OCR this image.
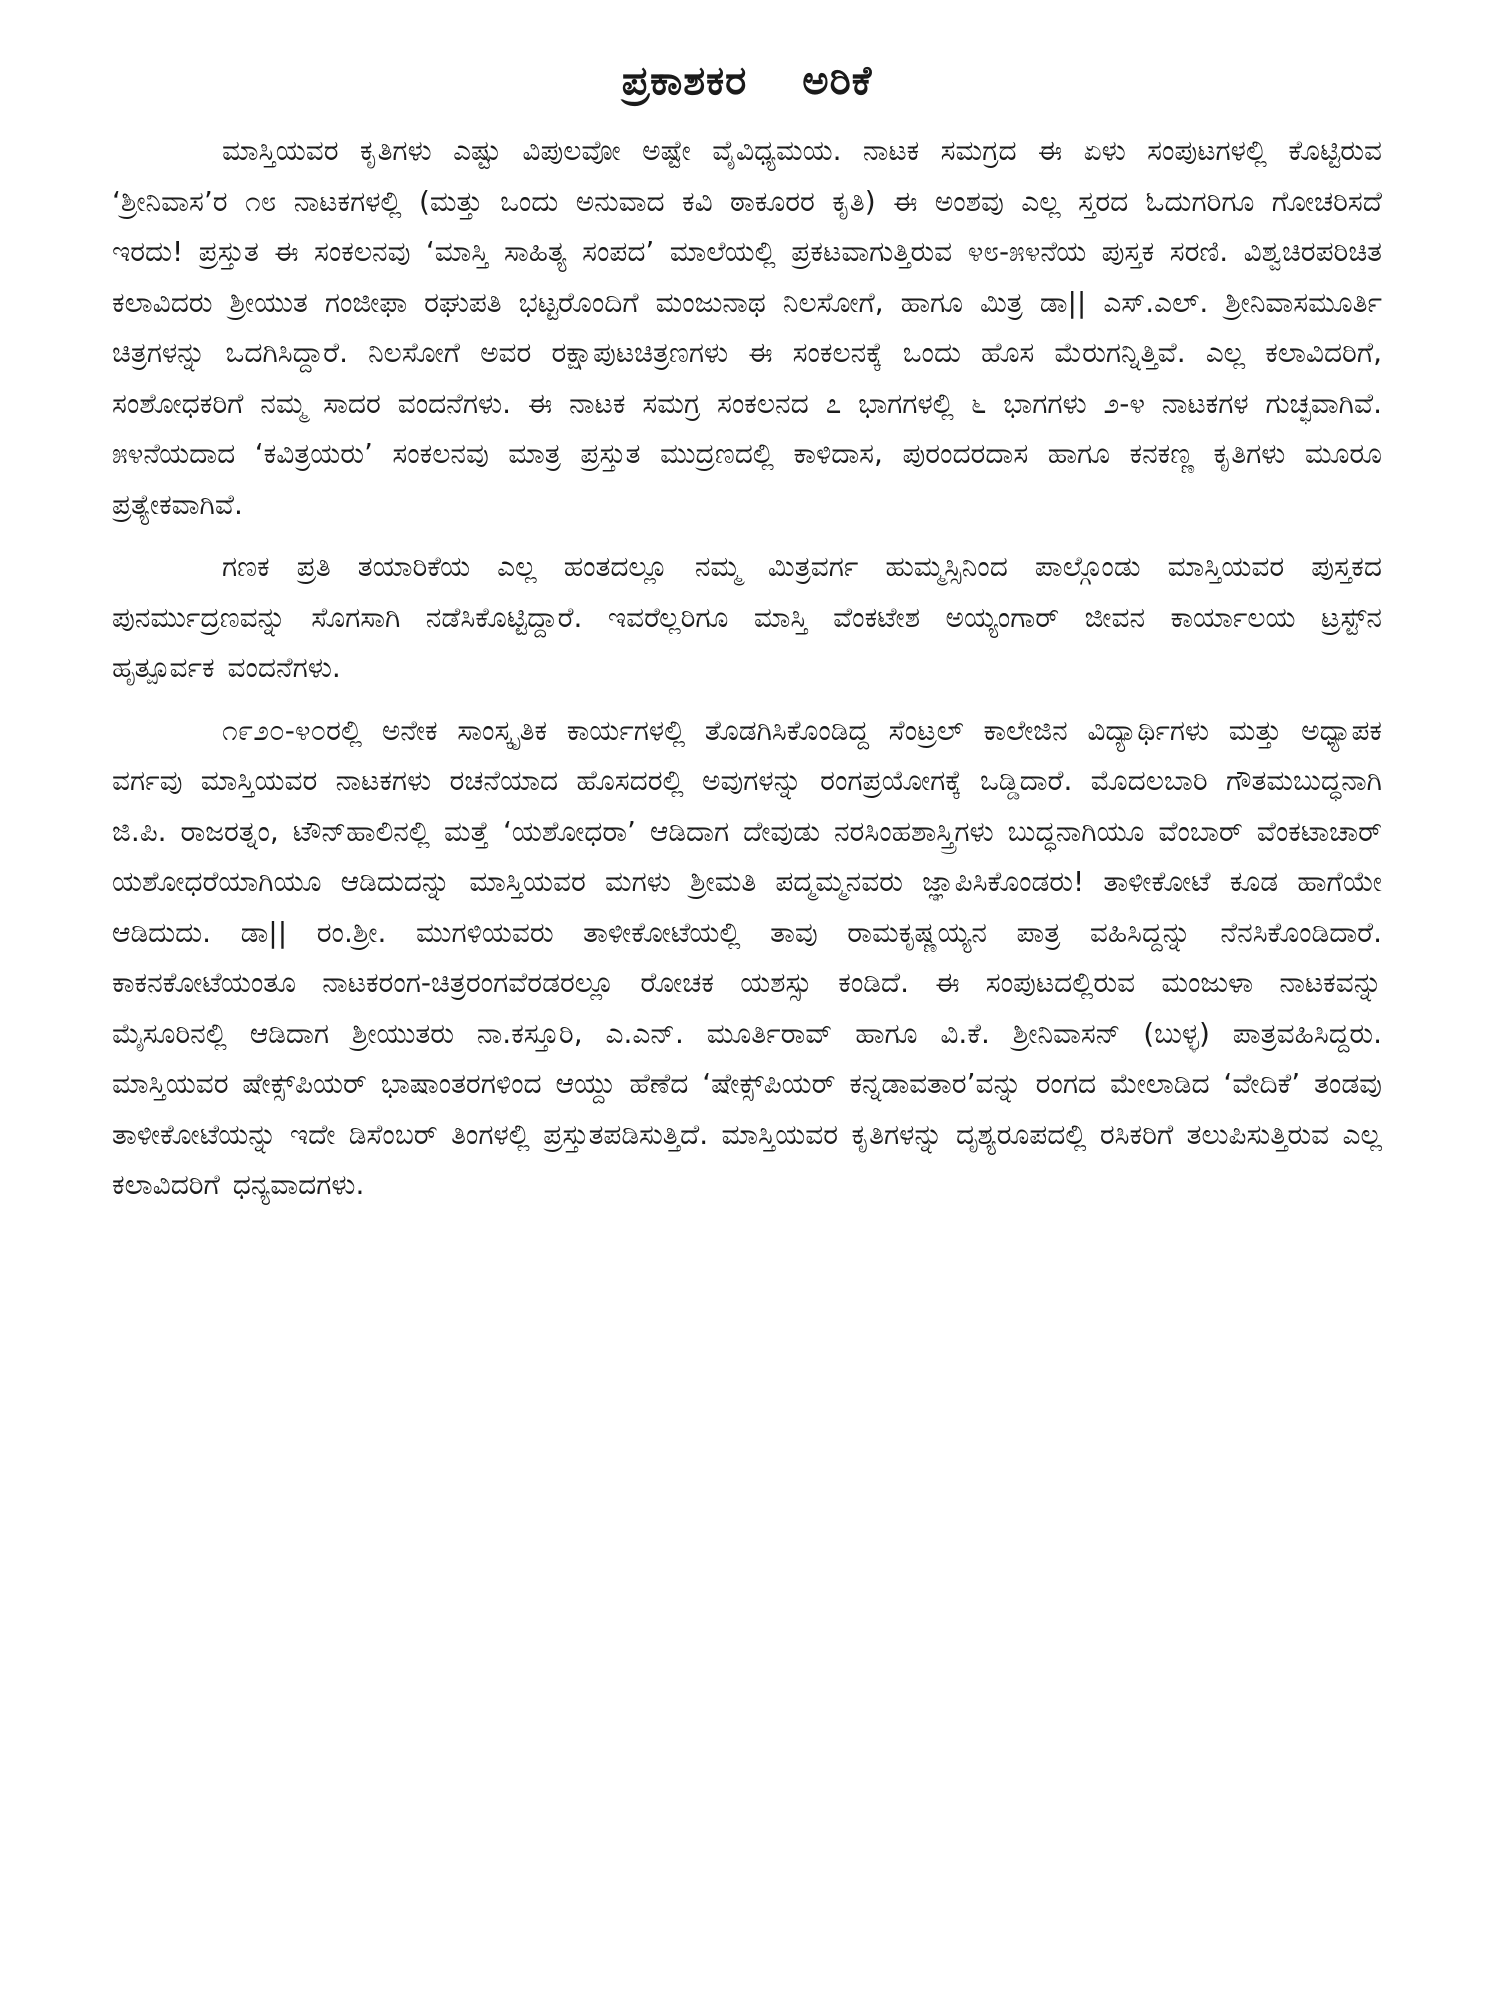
ಪ್ರಕಾಶಕರ ಅರಿಕೆ

ಮಾಸ್ತಿಯವರ ಕೃತಿಗಳು ಎಷ್ಟು ವಿಪುಲವೋ ಅಷ್ಟೇ ವೈವಿಧ್ಯಮಯ. ನಾಟಕ ಸಮಗ್ರದ ಈ ಏಳು ಸಂಪುಟಗಳಲ್ಲಿ ಕೊಟ್ಟಿರುವ ‘ಶ್ರೀನಿವಾಸ’ರ ೧೮ ನಾಟಕಗಳಲ್ಲಿ (ಮತ್ತು ಒಂದು ಅನುವಾದ ಕವಿ ಠಾಕೂರರ ಕೃತಿ) ಈ ಅಂಶವು ಎಲ್ಲ ಸ್ತರದ ಓದುಗರಿಗೂ ಗೋಚರಿಸದೆ ಇರದು! ಪ್ರಸ್ತುತ ಈ ಸಂಕಲನವು ‘ಮಾಸ್ತಿ ಸಾಹಿತ್ಯ ಸಂಪದ’ ಮಾಲೆಯಲ್ಲಿ ಪ್ರಕಟವಾಗುತ್ತಿರುವ ೪೮-೫೪ನೆಯ ಪುಸ್ತಕ ಸರಣಿ. ವಿಶ್ವಚಿರಪರಿಚಿತ ಕಲಾವಿದರು ಶ್ರೀಯುತ ಗಂಜೀಫಾ ರಘುಪತಿ ಭಟ್ಟರೊಂದಿಗೆ ಮಂಜುನಾಥ ನಿಲಸೋಗೆ, ಹಾಗೂ ಮಿತ್ರ ಡಾ|| ಎಸ್.ಎಲ್. ಶ್ರೀನಿವಾಸಮೂರ್ತಿ ಚಿತ್ರಗಳನ್ನು ಒದಗಿಸಿದ್ದಾರೆ. ನಿಲಸೋಗೆ ಅವರ ರಕ್ಷಾಪುಟಚಿತ್ರಣಗಳು ಈ ಸಂಕಲನಕ್ಕೆ ಒಂದು ಹೊಸ ಮೆರುಗನ್ನಿತ್ತಿವೆ. ಎಲ್ಲ ಕಲಾವಿದರಿಗೆ, ಸಂಶೋಧಕರಿಗೆ ನಮ್ಮ ಸಾದರ ವಂದನೆಗಳು. ಈ ನಾಟಕ ಸಮಗ್ರ ಸಂಕಲನದ ೭ ಭಾಗಗಳಲ್ಲಿ ೬ ಭಾಗಗಳು ೨-೪ ನಾಟಕಗಳ ಗುಚ್ಛವಾಗಿವೆ. ೫೪ನೆಯದಾದ ‘ಕವಿತ್ರಯರು’ ಸಂಕಲನವು ಮಾತ್ರ ಪ್ರಸ್ತುತ ಮುದ್ರಣದಲ್ಲಿ ಕಾಳಿದಾಸ, ಪುರಂದರದಾಸ ಹಾಗೂ ಕನಕಣ್ಣ ಕೃತಿಗಳು ಮೂರೂ ಪ್ರತ್ಯೇಕವಾಗಿವೆ.

ಗಣಕ ಪ್ರತಿ ತಯಾರಿಕೆಯ ಎಲ್ಲ ಹಂತದಲ್ಲೂ ನಮ್ಮ ಮಿತ್ರವರ್ಗ ಹುಮ್ಮಸ್ಸಿನಿಂದ ಪಾಲ್ಗೊಂಡು ಮಾಸ್ತಿಯವರ ಪುಸ್ತಕದ ಪುನರ್ಮುದ್ರಣವನ್ನು ಸೊಗಸಾಗಿ ನಡೆಸಿಕೊಟ್ಟಿದ್ದಾರೆ. ಇವರೆಲ್ಲರಿಗೂ ಮಾಸ್ತಿ ವೆಂಕಟೇಶ ಅಯ್ಯಂಗಾರ್ ಜೀವನ ಕಾರ್ಯಾಲಯ ಟ್ರಸ್ಟ್‌ನ ಹೃತ್ಪೂರ್ವಕ ವಂದನೆಗಳು.

೧೯೨೦-೪೦ರಲ್ಲಿ ಅನೇಕ ಸಾಂಸ್ಕೃತಿಕ ಕಾರ್ಯಗಳಲ್ಲಿ ತೊಡಗಿಸಿಕೊಂಡಿದ್ದ ಸೆಂಟ್ರಲ್ ಕಾಲೇಜಿನ ವಿದ್ಯಾರ್ಥಿಗಳು ಮತ್ತು ಅಧ್ಯಾಪಕ ವರ್ಗವು ಮಾಸ್ತಿಯವರ ನಾಟಕಗಳು ರಚನೆಯಾದ ಹೊಸದರಲ್ಲಿ ಅವುಗಳನ್ನು ರಂಗಪ್ರಯೋಗಕ್ಕೆ ಒಡ್ಡಿದಾರೆ. ಮೊದಲಬಾರಿ ಗೌತಮಬುದ್ಧನಾಗಿ ಜಿ.ಪಿ. ರಾಜರತ್ನಂ, ಟೌನ್‌ಹಾಲಿನಲ್ಲಿ ಮತ್ತೆ ‘ಯಶೋಧರಾ’ ಆಡಿದಾಗ ದೇವುಡು ನರಸಿಂಹಶಾಸ್ತ್ರಿಗಳು ಬುದ್ಧನಾಗಿಯೂ ವೆಂಬಾರ್ ವೆಂಕಟಾಚಾರ್ ಯಶೋಧರೆಯಾಗಿಯೂ ಆಡಿದುದನ್ನು ಮಾಸ್ತಿಯವರ ಮಗಳು ಶ್ರೀಮತಿ ಪದ್ಮಮ್ಮನವರು ಜ್ಞಾಪಿಸಿಕೊಂಡರು! ತಾಳೀಕೋಟೆ ಕೂಡ ಹಾಗೆಯೇ ಆಡಿದುದು. ಡಾ|| ರಂ.ಶ್ರೀ. ಮುಗಳಿಯವರು ತಾಳೀಕೋಟೆಯಲ್ಲಿ ತಾವು ರಾಮಕೃಷ್ಣಯ್ಯನ ಪಾತ್ರ ವಹಿಸಿದ್ದನ್ನು ನೆನಸಿಕೊಂಡಿದಾರೆ. ಕಾಕನಕೋಟೆಯಂತೂ ನಾಟಕರಂಗ-ಚಿತ್ರರಂಗವೆರಡರಲ್ಲೂ ರೋಚಕ ಯಶಸ್ಸು ಕಂಡಿದೆ. ಈ ಸಂಪುಟದಲ್ಲಿರುವ ಮಂಜುಳಾ ನಾಟಕವನ್ನು ಮೈಸೂರಿನಲ್ಲಿ ಆಡಿದಾಗ ಶ್ರೀಯುತರು ನಾ.ಕಸ್ತೂರಿ, ಎ.ಎನ್. ಮೂರ್ತಿರಾವ್ ಹಾಗೂ ವಿ.ಕೆ. ಶ್ರೀನಿವಾಸನ್ (ಬುಳ್ಳ) ಪಾತ್ರವಹಿಸಿದ್ದರು. ಮಾಸ್ತಿಯವರ ಷೇಕ್ಸ್‌ಪಿಯರ್ ಭಾಷಾಂತರಗಳಿಂದ ಆಯ್ದು ಹೆಣೆದ ‘ಷೇಕ್ಸ್‌ಪಿಯರ್ ಕನ್ನಡಾವತಾರ’ವನ್ನು ರಂಗದ ಮೇಲಾಡಿದ ‘ವೇದಿಕೆ’ ತಂಡವು ತಾಳೀಕೋಟೆಯನ್ನು ಇದೇ ಡಿಸೆಂಬರ್ ತಿಂಗಳಲ್ಲಿ ಪ್ರಸ್ತುತಪಡಿಸುತ್ತಿದೆ. ಮಾಸ್ತಿಯವರ ಕೃತಿಗಳನ್ನು ದೃಶ್ಯರೂಪದಲ್ಲಿ ರಸಿಕರಿಗೆ ತಲುಪಿಸುತ್ತಿರುವ ಎಲ್ಲ ಕಲಾವಿದರಿಗೆ ಧನ್ಯವಾದಗಳು.
